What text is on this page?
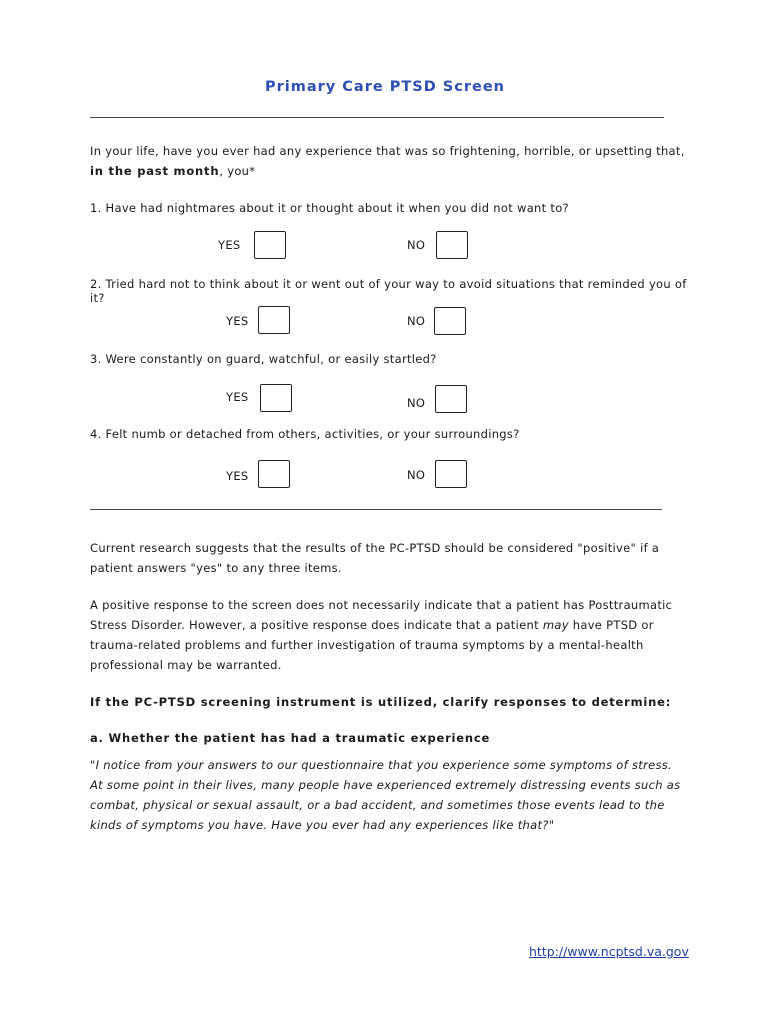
Primary Care PTSD Screen
In your life, have you ever had any experience that was so frightening, horrible, or upsetting that, in the past month, you*
1. Have had nightmares about it or thought about it when you did not want to?
YES	NO
2. Tried hard not to think about it or went out of your way to avoid situations that reminded you of it?
YES	NO
3. Were constantly on guard, watchful, or easily startled?
YES	NO
4. Felt numb or detached from others, activities, or your surroundings?
YES	NO
Current research suggests that the results of the PC-PTSD should be considered "positive" if a patient answers "yes" to any three items.
A positive response to the screen does not necessarily indicate that a patient has Posttraumatic Stress Disorder. However, a positive response does indicate that a patient may have PTSD or trauma-related problems and further investigation of trauma symptoms by a mental-health professional may be warranted.
If the PC-PTSD screening instrument is utilized, clarify responses to determine:
a. Whether the patient has had a traumatic experience
"I notice from your answers to our questionnaire that you experience some symptoms of stress. At some point in their lives, many people have experienced extremely distressing events such as combat, physical or sexual assault, or a bad accident, and sometimes those events lead to the kinds of symptoms you have. Have you ever had any experiences like that?"
http://www.ncptsd.va.gov
